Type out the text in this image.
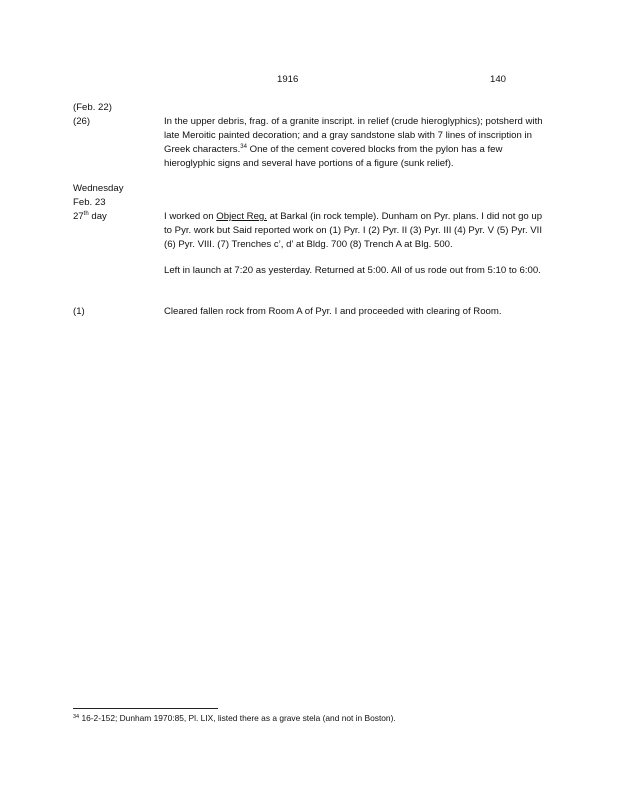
1916	140
(Feb. 22)
(26)	In the upper debris, frag. of a granite inscript. in relief (crude hieroglyphics); potsherd with late Meroitic painted decoration; and a gray sandstone slab with 7 lines of inscription in Greek characters.$^{34}$ One of the cement covered blocks from the pylon has a few hieroglyphic signs and several have portions of a figure (sunk relief).
Wednesday
Feb. 23
27th day	I worked on Object Reg. at Barkal (in rock temple). Dunham on Pyr. plans. I did not go up to Pyr. work but Said reported work on (1) Pyr. I (2) Pyr. II (3) Pyr. III (4) Pyr. V (5) Pyr. VII (6) Pyr. VIII. (7) Trenches c’, d’ at Bldg. 700 (8) Trench A at Blg. 500.
Left in launch at 7:20 as yesterday. Returned at 5:00. All of us rode out from 5:10 to 6:00.
(1)	Cleared fallen rock from Room A of Pyr. I and proceeded with clearing of Room.
$^{34}$ 16-2-152; Dunham 1970:85, Pl. LIX, listed there as a grave stela (and not in Boston).
